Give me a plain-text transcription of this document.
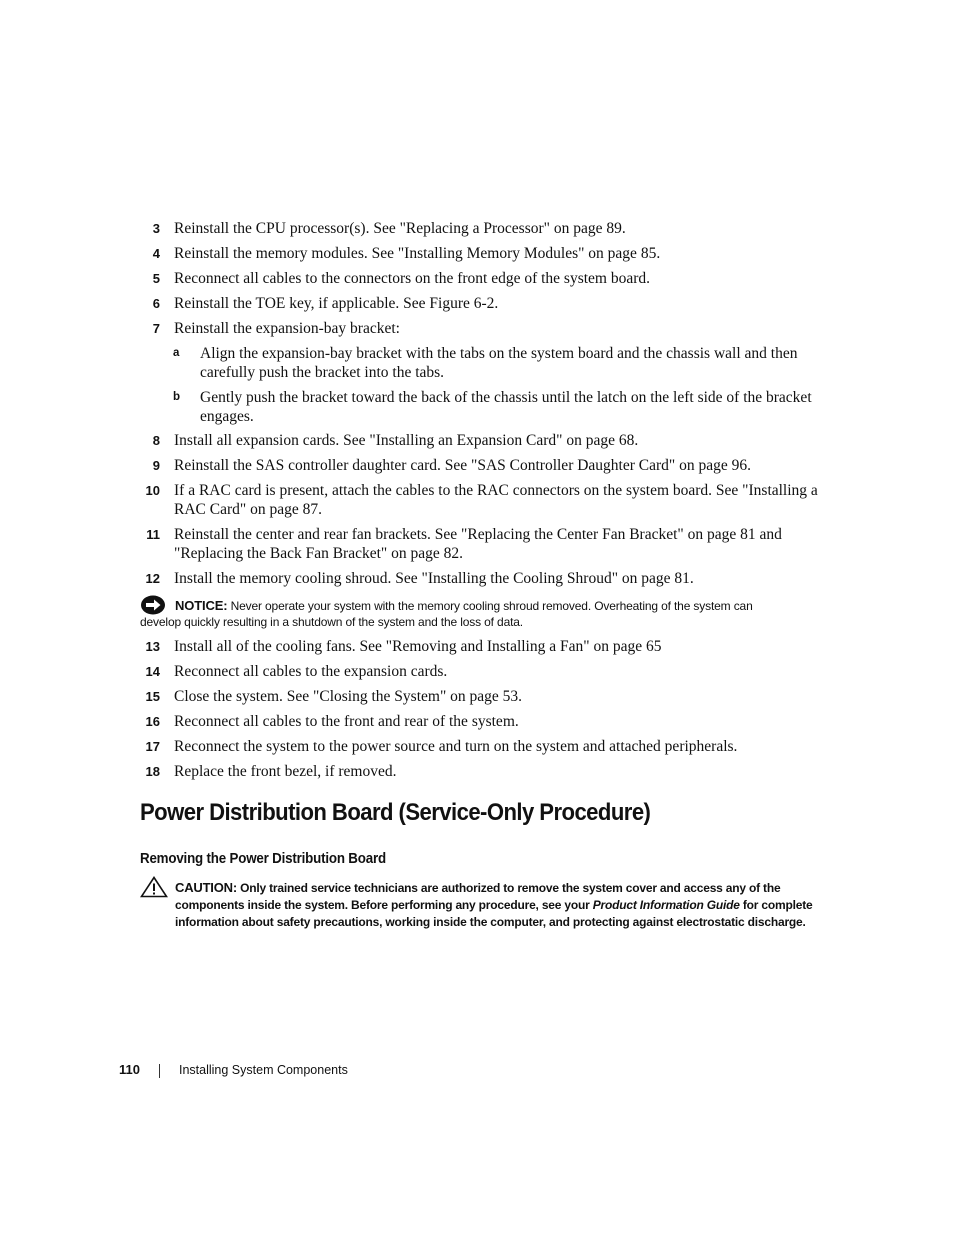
3 Reinstall the CPU processor(s). See "Replacing a Processor" on page 89.
4 Reinstall the memory modules. See "Installing Memory Modules" on page 85.
5 Reconnect all cables to the connectors on the front edge of the system board.
6 Reinstall the TOE key, if applicable. See Figure 6-2.
7 Reinstall the expansion-bay bracket:
a Align the expansion-bay bracket with the tabs on the system board and the chassis wall and then carefully push the bracket into the tabs.
b Gently push the bracket toward the back of the chassis until the latch on the left side of the bracket engages.
8 Install all expansion cards. See "Installing an Expansion Card" on page 68.
9 Reinstall the SAS controller daughter card. See "SAS Controller Daughter Card" on page 96.
10 If a RAC card is present, attach the cables to the RAC connectors on the system board. See "Installing a RAC Card" on page 87.
11 Reinstall the center and rear fan brackets. See "Replacing the Center Fan Bracket" on page 81 and "Replacing the Back Fan Bracket" on page 82.
12 Install the memory cooling shroud. See "Installing the Cooling Shroud" on page 81.
NOTICE: Never operate your system with the memory cooling shroud removed. Overheating of the system can
develop quickly resulting in a shutdown of the system and the loss of data.
13 Install all of the cooling fans. See "Removing and Installing a Fan" on page 65
14 Reconnect all cables to the expansion cards.
15 Close the system. See "Closing the System" on page 53.
16 Reconnect all cables to the front and rear of the system.
17 Reconnect the system to the power source and turn on the system and attached peripherals.
18 Replace the front bezel, if removed.
Power Distribution Board (Service-Only Procedure)
Removing the Power Distribution Board
CAUTION: Only trained service technicians are authorized to remove the system cover and access any of the components inside the system. Before performing any procedure, see your Product Information Guide for complete information about safety precautions, working inside the computer, and protecting against electrostatic discharge.
110	Installing System Components
